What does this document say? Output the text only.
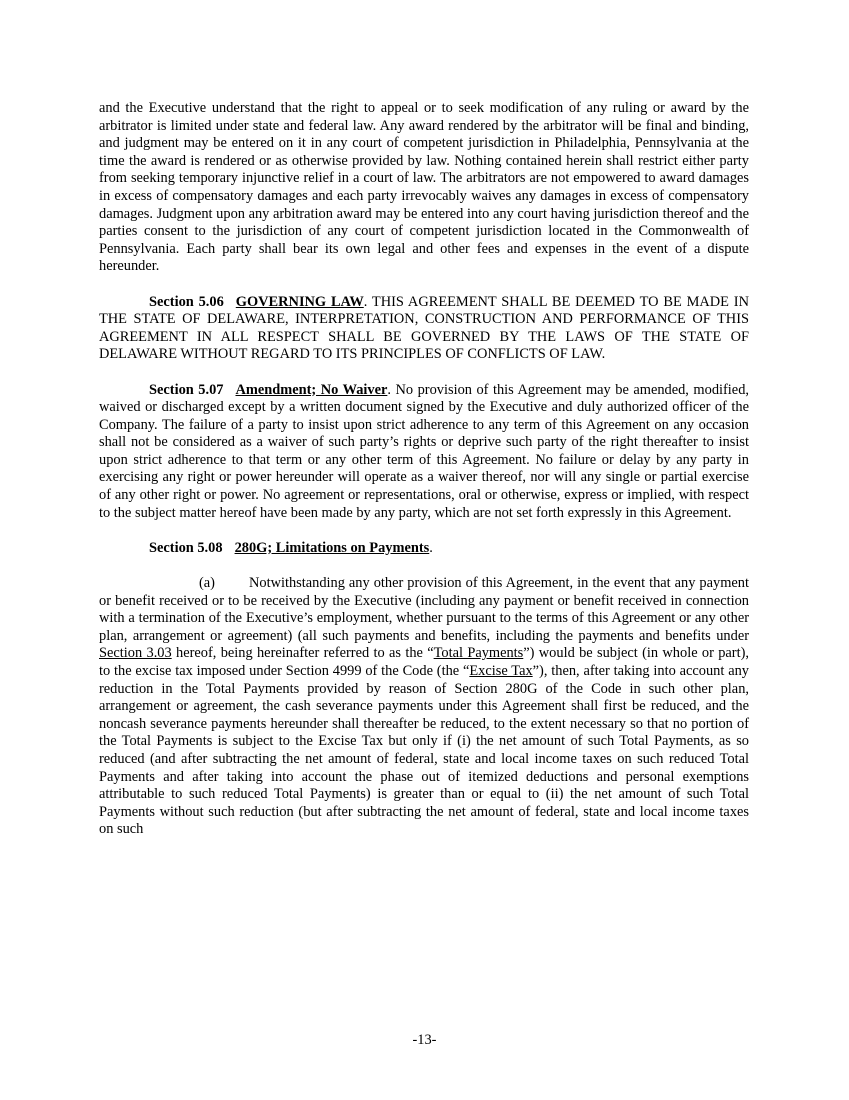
and the Executive understand that the right to appeal or to seek modification of any ruling or award by the arbitrator is limited under state and federal law. Any award rendered by the arbitrator will be final and binding, and judgment may be entered on it in any court of competent jurisdiction in Philadelphia, Pennsylvania at the time the award is rendered or as otherwise provided by law. Nothing contained herein shall restrict either party from seeking temporary injunctive relief in a court of law. The arbitrators are not empowered to award damages in excess of compensatory damages and each party irrevocably waives any damages in excess of compensatory damages. Judgment upon any arbitration award may be entered into any court having jurisdiction thereof and the parties consent to the jurisdiction of any court of competent jurisdiction located in the Commonwealth of Pennsylvania. Each party shall bear its own legal and other fees and expenses in the event of a dispute hereunder.

Section 5.06 GOVERNING LAW. THIS AGREEMENT SHALL BE DEEMED TO BE MADE IN THE STATE OF DELAWARE, INTERPRETATION, CONSTRUCTION AND PERFORMANCE OF THIS AGREEMENT IN ALL RESPECT SHALL BE GOVERNED BY THE LAWS OF THE STATE OF DELAWARE WITHOUT REGARD TO ITS PRINCIPLES OF CONFLICTS OF LAW.

Section 5.07 Amendment; No Waiver. No provision of this Agreement may be amended, modified, waived or discharged except by a written document signed by the Executive and duly authorized officer of the Company. The failure of a party to insist upon strict adherence to any term of this Agreement on any occasion shall not be considered as a waiver of such party’s rights or deprive such party of the right thereafter to insist upon strict adherence to that term or any other term of this Agreement. No failure or delay by any party in exercising any right or power hereunder will operate as a waiver thereof, nor will any single or partial exercise of any other right or power. No agreement or representations, oral or otherwise, express or implied, with respect to the subject matter hereof have been made by any party, which are not set forth expressly in this Agreement.

Section 5.08 280G; Limitations on Payments.

(a) Notwithstanding any other provision of this Agreement, in the event that any payment or benefit received or to be received by the Executive (including any payment or benefit received in connection with a termination of the Executive’s employment, whether pursuant to the terms of this Agreement or any other plan, arrangement or agreement) (all such payments and benefits, including the payments and benefits under Section 3.03 hereof, being hereinafter referred to as the “Total Payments”) would be subject (in whole or part), to the excise tax imposed under Section 4999 of the Code (the “Excise Tax”), then, after taking into account any reduction in the Total Payments provided by reason of Section 280G of the Code in such other plan, arrangement or agreement, the cash severance payments under this Agreement shall first be reduced, and the noncash severance payments hereunder shall thereafter be reduced, to the extent necessary so that no portion of the Total Payments is subject to the Excise Tax but only if (i) the net amount of such Total Payments, as so reduced (and after subtracting the net amount of federal, state and local income taxes on such reduced Total Payments and after taking into account the phase out of itemized deductions and personal exemptions attributable to such reduced Total Payments) is greater than or equal to (ii) the net amount of such Total Payments without such reduction (but after subtracting the net amount of federal, state and local income taxes on such

-13-
